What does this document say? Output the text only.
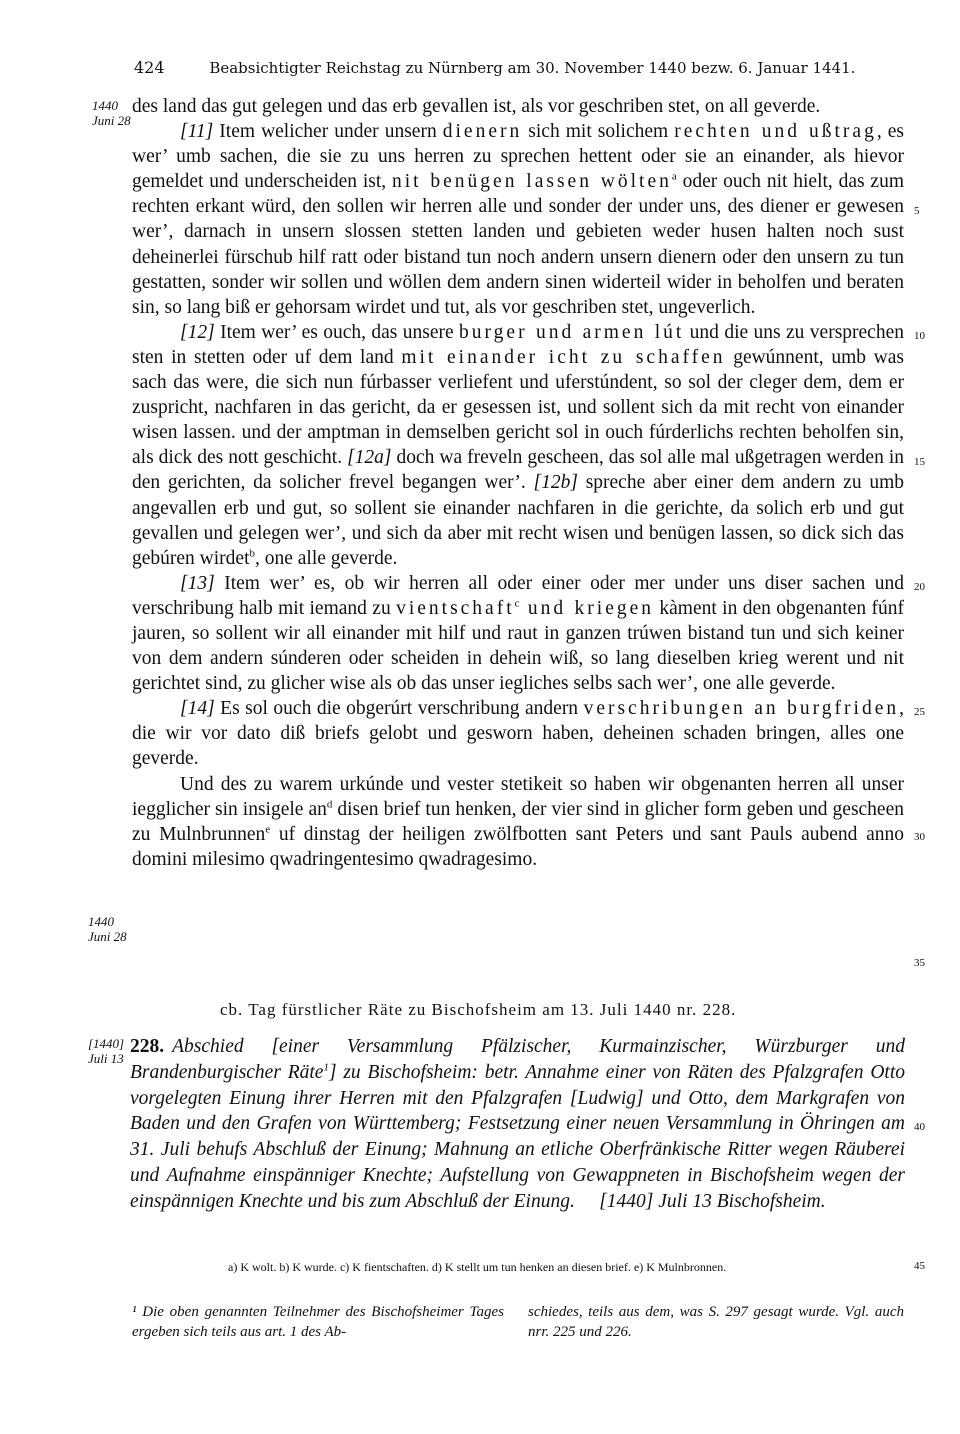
424	Beabsichtigter Reichstag zu Nürnberg am 30. November 1440 bezw. 6. Januar 1441.
1440
Juni 28
1440
Juni 28
[1440]
Juli 13
5
10
15
20
25
30
35
40
45

des land das gut gelegen und das erb gevallen ist, als vor geschriben stet, on all geverde.

[11] Item welicher under unsern dienern sich mit solichem rechten und ußtrag, es wer’ umb sachen, die sie zu uns herren zu sprechen hettent oder sie an einander, als hievor gemeldet und underscheiden ist, nit benügen lassen wölten$^a$ oder ouch nit hielt, das zum rechten erkant würd, den sollen wir herren alle und sonder der under uns, des diener er gewesen wer’, darnach in unsern slossen stetten landen und gebieten weder husen halten noch sust deheinerlei fürschub hilf ratt oder bistand tun noch andern unsern dienern oder den unsern zu tun gestatten, sonder wir sollen und wöllen dem andern sinen widerteil wider in beholfen und beraten sin, so lang biß er gehorsam wirdet und tut, als vor geschriben stet, ungeverlich.

[12] Item wer’ es ouch, das unsere burger und armen lút und die uns zu versprechen sten in stetten oder uf dem land mit einander icht zu schaffen gewúnnent, umb was sach das were, die sich nun fúrbasser verliefent und uferstúndent, so sol der cleger dem, dem er zuspricht, nachfaren in das gericht, da er gesessen ist, und sollent sich da mit recht von einander wisen lassen. und der amptman in demselben gericht sol in ouch fúrderlichs rechten beholfen sin, als dick des nott geschicht. [12a] doch wa freveln gescheen, das sol alle mal ußgetragen werden in den gerichten, da solicher frevel begangen wer’. [12b] spreche aber einer dem andern zu umb angevallen erb und gut, so sollent sie einander nachfaren in die gerichte, da solich erb und gut gevallen und gelegen wer’, und sich da aber mit recht wisen und benügen lassen, so dick sich das gebúren wirdet$^b$, one alle geverde.

[13] Item wer’ es, ob wir herren all oder einer oder mer under uns diser sachen und verschribung halb mit iemand zu vientschaft$^c$ und kriegen kàment in den obgenanten fúnf jauren, so sollent wir all einander mit hilf und raut in ganzen trúwen bistand tun und sich keiner von dem andern súnderen oder scheiden in dehein wiß, so lang dieselben krieg werent und nit gerichtet sind, zu glicher wise als ob das unser iegliches selbs sach wer’, one alle geverde.

[14] Es sol ouch die obgerúrt verschribung andern verschribungen an burgfriden, die wir vor dato diß briefs gelobt und gesworn haben, deheinen schaden bringen, alles one geverde.

Und des zu warem urkúnde und vester stetikeit so haben wir obgenanten herren all unser iegglicher sin insigele $an^d$ disen brief tun henken, der vier sind in glicher form geben und gescheen zu Mulnbrunnen$^e$ uf dinstag der heiligen zwölfbotten sant Peters und sant Pauls aubend anno domini milesimo qwadringentesimo qwadragesimo.

cb. Tag fürstlicher Räte zu Bischofsheim am 13. Juli 1440 nr. 228.
228. Abschied [einer Versammlung Pfälzischer, Kurmainzischer, Würzburger und Brandenburgischer Räte$^1$] zu Bischofsheim: betr. Annahme einer von Räten des Pfalzgrafen Otto vorgelegten Einung ihrer Herren mit den Pfalzgrafen [Ludwig] und Otto, dem Markgrafen von Baden und den Grafen von Württemberg; Festsetzung einer neuen Versammlung in Öhringen am 31. Juli behufs Abschluß der Einung; Mahnung an etliche Oberfränkische Ritter wegen Räuberei und Aufnahme einspänniger Knechte; Aufstellung von Gewappneten in Bischofsheim wegen der einspännigen Knechte und bis zum Abschluß der Einung. [1440] Juli 13 Bischofsheim.
a) K wolt. b) K wurde. c) K fientschaften. d) K stellt um tun henken an diesen brief. e) K Mulnbronnen.
¹ Die oben genannten Teilnehmer des Bischofsheimer Tages ergeben sich teils aus art. 1 des Ab-
schiedes, teils aus dem, was S. 297 gesagt wurde. Vgl. auch nrr. 225 und 226.
